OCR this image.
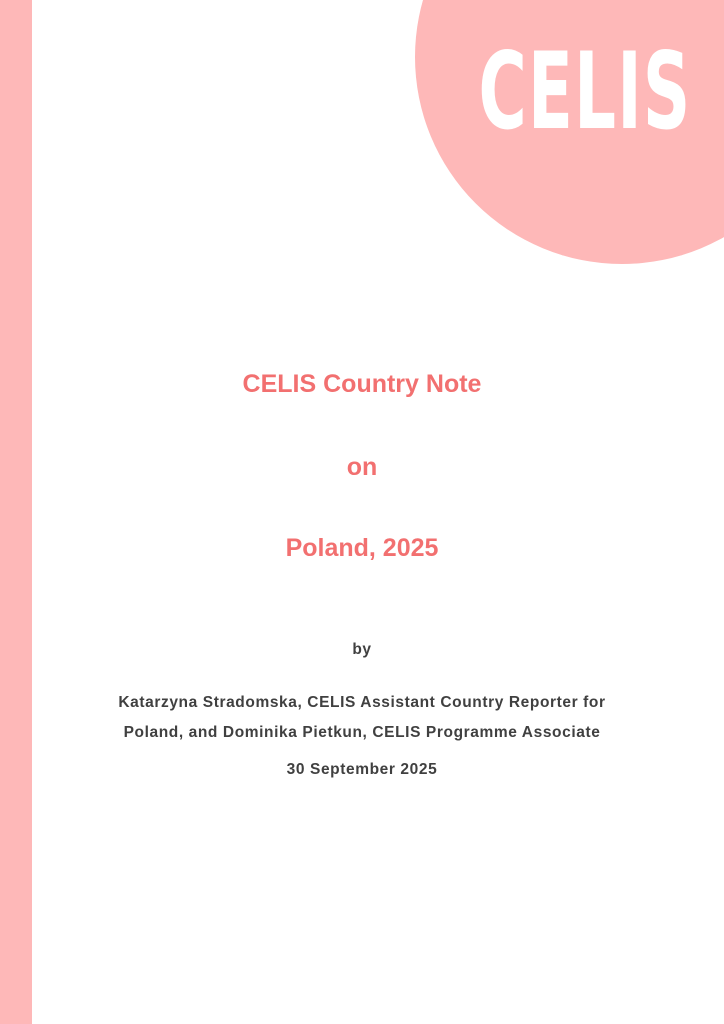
CELIS
CELIS Country Note
on
Poland, 2025
by
Katarzyna Stradomska, CELIS Assistant Country Reporter for
Poland, and Dominika Pietkun, CELIS Programme Associate
30 September 2025
